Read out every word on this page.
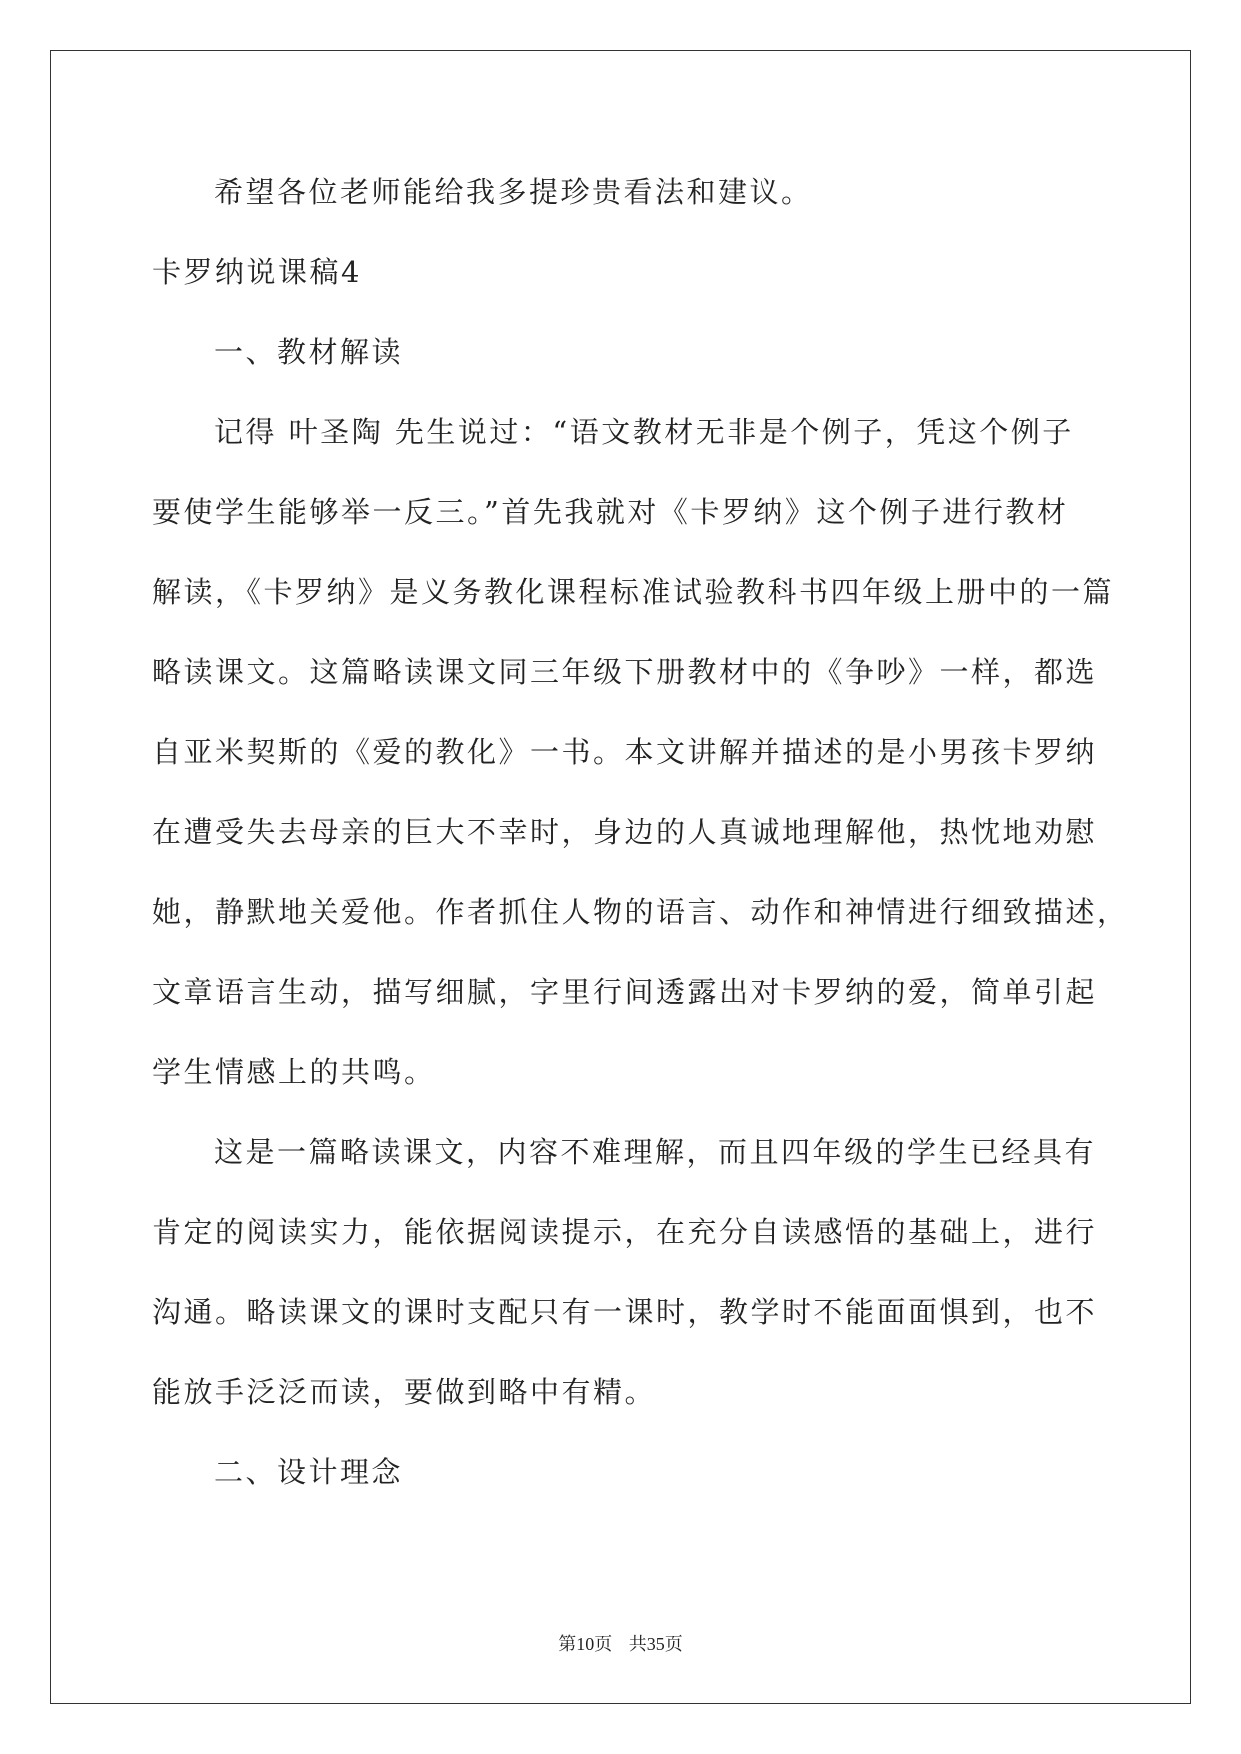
希望各位老师能给我多提珍贵看法和建议。
卡罗纳说课稿4
一、教材解读
记得 叶圣陶 先生说过：“语文教材无非是个例子，凭这个例子
要使学生能够举一反三。”首先我就对《卡罗纳》这个例子进行教材
解读，《卡罗纳》是义务教化课程标准试验教科书四年级上册中的一篇
略读课文。这篇略读课文同三年级下册教材中的《争吵》一样，都选
自亚米契斯的《爱的教化》一书。本文讲解并描述的是小男孩卡罗纳
在遭受失去母亲的巨大不幸时，身边的人真诚地理解他，热忱地劝慰
她，静默地关爱他。作者抓住人物的语言、动作和神情进行细致描述，
文章语言生动，描写细腻，字里行间透露出对卡罗纳的爱，简单引起
学生情感上的共鸣。
这是一篇略读课文，内容不难理解，而且四年级的学生已经具有
肯定的阅读实力，能依据阅读提示，在充分自读感悟的基础上，进行
沟通。略读课文的课时支配只有一课时，教学时不能面面惧到，也不
能放手泛泛而读，要做到略中有精。
二、设计理念
第10页 共35页
